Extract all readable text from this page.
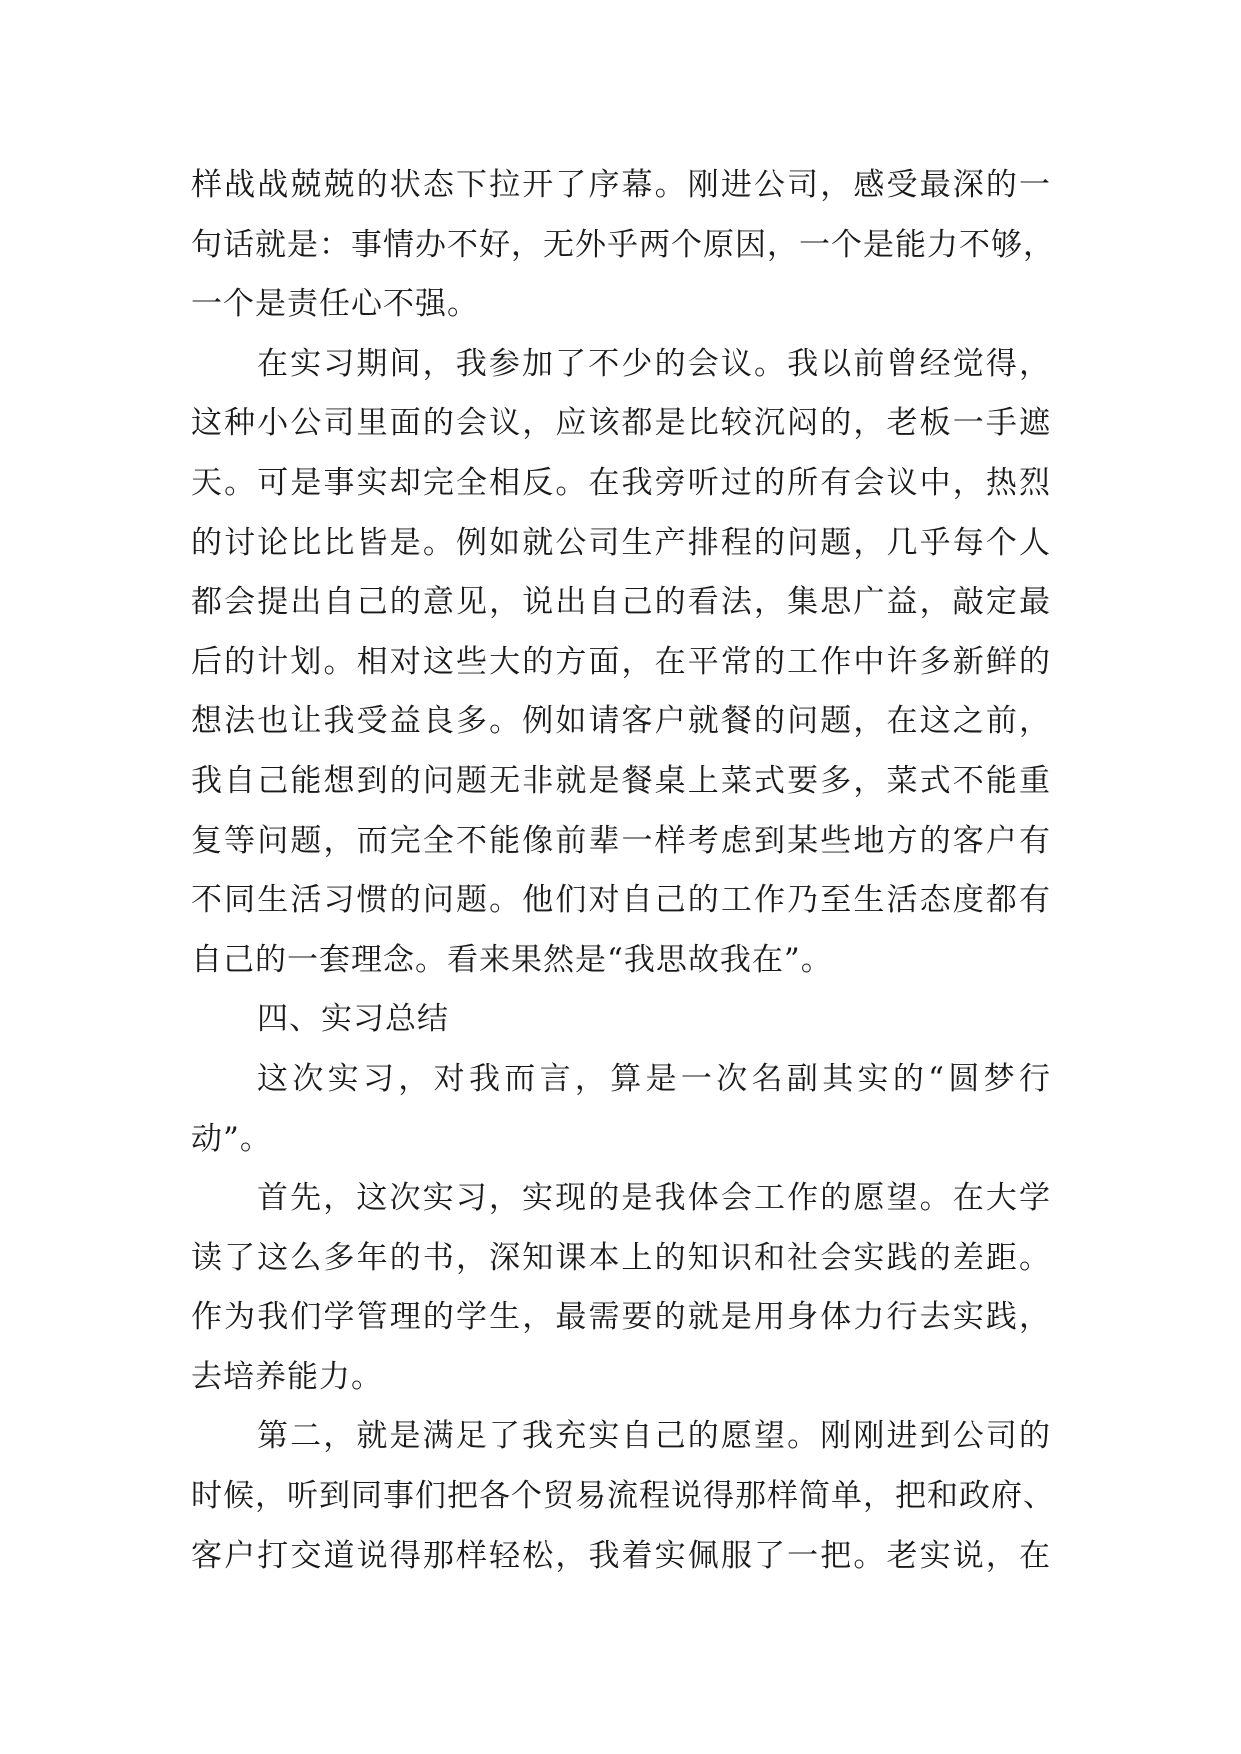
样战战兢兢的状态下拉开了序幕。刚进公司，感受最深的一
句话就是：事情办不好，无外乎两个原因，一个是能力不够，
一个是责任心不强。
在实习期间，我参加了不少的会议。我以前曾经觉得，
这种小公司里面的会议，应该都是比较沉闷的，老板一手遮
天。可是事实却完全相反。在我旁听过的所有会议中，热烈
的讨论比比皆是。例如就公司生产排程的问题，几乎每个人
都会提出自己的意见，说出自己的看法，集思广益，敲定最
后的计划。相对这些大的方面，在平常的工作中许多新鲜的
想法也让我受益良多。例如请客户就餐的问题，在这之前，
我自己能想到的问题无非就是餐桌上菜式要多，菜式不能重
复等问题，而完全不能像前辈一样考虑到某些地方的客户有
不同生活习惯的问题。他们对自己的工作乃至生活态度都有
自己的一套理念。看来果然是“我思故我在”。
四、实习总结
这次实习，对我而言，算是一次名副其实的“圆梦行
动”。
首先，这次实习，实现的是我体会工作的愿望。在大学
读了这么多年的书，深知课本上的知识和社会实践的差距。
作为我们学管理的学生，最需要的就是用身体力行去实践，
去培养能力。
第二，就是满足了我充实自己的愿望。刚刚进到公司的
时候，听到同事们把各个贸易流程说得那样简单，把和政府、
客户打交道说得那样轻松，我着实佩服了一把。老实说，在
